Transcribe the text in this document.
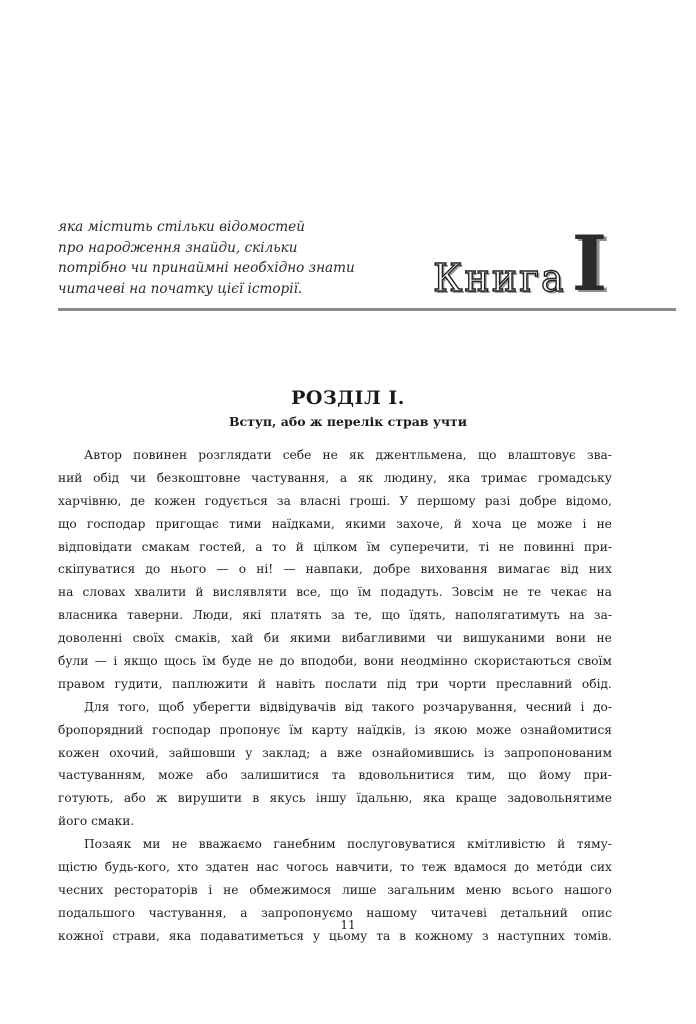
яка містить стільки відомостей
про народження знайди, скільки
потрібно чи принаймні необхідно знати
читачеві на початку цієї історії.	Книга I
РОЗДІЛ I.
Вступ, або ж перелік страв учти
Автор повинен розглядати себе не як джентльмена, що влаштовує зва-
ний обід чи безкоштовне частування, а як людину, яка тримає громадську
харчівню, де кожен годується за власні гроші. У першому разі добре відомо,
що господар пригощає тими наїдками, якими захоче, й хоча це може і не
відповідати смакам гостей, а то й цілком їм суперечити, ті не повинні при-
скіпуватися до нього — о ні! — навпаки, добре виховання вимагає від них
на словах хвалити й вислявляти все, що їм подадуть. Зовсім не те чекає на
власника таверни. Люди, які платять за те, що їдять, наполягатимуть на за-
доволенні своїх смаків, хай би якими вибагливими чи вишуканими вони не
були — і якщо щось їм буде не до вподоби, вони неодмінно скористаються своїм
правом гудити, паплюжити й навіть послати під три чорти преславний обід.
Для того, щоб уберегти відвідувачів від такого розчарування, чесний і до-
бропорядний господар пропонує їм карту наїдків, із якою може ознайомитися
кожен охочий, зайшовши у заклад; а вже ознайомившись із запропонованим
частуванням, може або залишитися та вдовольнитися тим, що йому при-
готують, або ж вирушити в якусь іншу їдальню, яка краще задовольнятиме
його смаки.
Позаяк ми не вважаємо ганебним послуговуватися кмітливістю й тяму-
щістю будь-кого, хто здатен нас чогось навчити, то теж вдамося до метóди сих
чесних ресторатоpів і не обмежимося лише загальним меню всього нашого
подальшого частування, а запропонуємо нашому читачеві детальний опис
кожної страви, яка подаватиметься у цьому та в кожному з наступних томів.
11
